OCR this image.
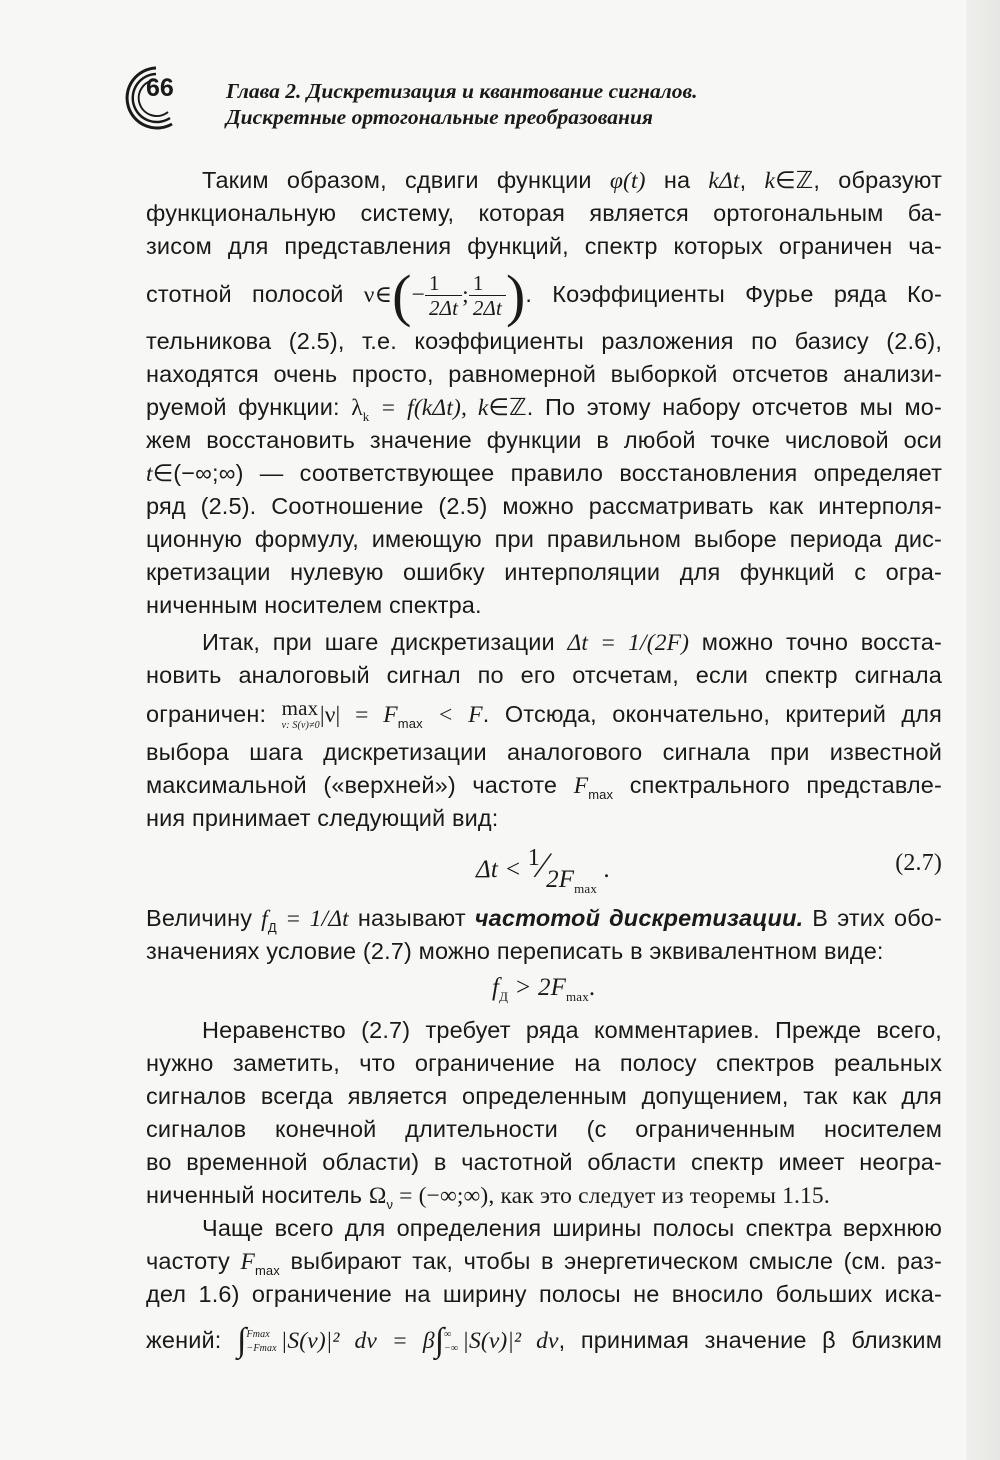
66 Глава 2. Дискретизация и квантование сигналов.
Дискретные ортогональные преобразования
Таким образом, сдвиги функции φ(t) на kΔt, k∈ℤ, образуют
функциональную систему, которая является ортогональным ба-
зисом для представления функций, спектр которых ограничен ча-
стотной полосой ν∈(− $\frac{1}{2\Delta t}$ ; $\frac{1}{2\Delta t}$ ). Коэффициенты Фурье ряда Ко-
тельникова (2.5), т.е. коэффициенты разложения по базису (2.6),
находятся очень просто, равномерной выборкой отсчетов анализи-
руемой функции: $\lambda_k = f(k\Delta t)$, k∈ℤ. По этому набору отсчетов мы мо-
жем восстановить значение функции в любой точке числовой оси
t∈(−∞;∞) — соответствующее правило восстановления определяет
ряд (2.5). Соотношение (2.5) можно рассматривать как интерполя-
ционную формулу, имеющую при правильном выборе периода дис-
кретизации нулевую ошибку интерполяции для функций с огра-
ниченным носителем спектра.
Итак, при шаге дискретизации Δt = 1/(2F) можно точно восста-
новить аналоговый сигнал по его отсчетам, если спектр сигнала
ограничен: max
ν: S(ν)≠0 $|\nu| = F_{max} < F$. Отсюда, окончательно, критерий для
выбора шага дискретизации аналогового сигнала при известной
максимальной («верхней») частоте $F_{max}$ спектрального представле-
ния принимает следующий вид:
$\Delta t < 1⁄2F_{max}$ .	(2.7)
Величину $f_Д = 1/\Delta t$ называют частотой дискретизации. В этих обо-
значениях условие (2.7) можно переписать в эквивалентном виде:
$f_Д > 2F_{max}$.
Неравенство (2.7) требует ряда комментариев. Прежде всего,
нужно заметить, что ограничение на полосу спектров реальных
сигналов всегда является определенным допущением, так как для
сигналов конечной длительности (с ограниченным носителем
во временной области) в частотной области спектр имеет неогра-
ниченный носитель $\Omega_\nu$ = (−∞;∞), как это следует из теоремы 1.15.
Чаще всего для определения ширины полосы спектра верхнюю
частоту $F_{max}$ выбирают так, чтобы в энергетическом смысле (см. раз-
дел 1.6) ограничение на ширину полосы не вносило больших иска-
жений: ∫ Fmax
−Fmax |S(ν)|² dν = β∫ ∞
−∞ |S(ν)|² dν, принимая значение β близким
